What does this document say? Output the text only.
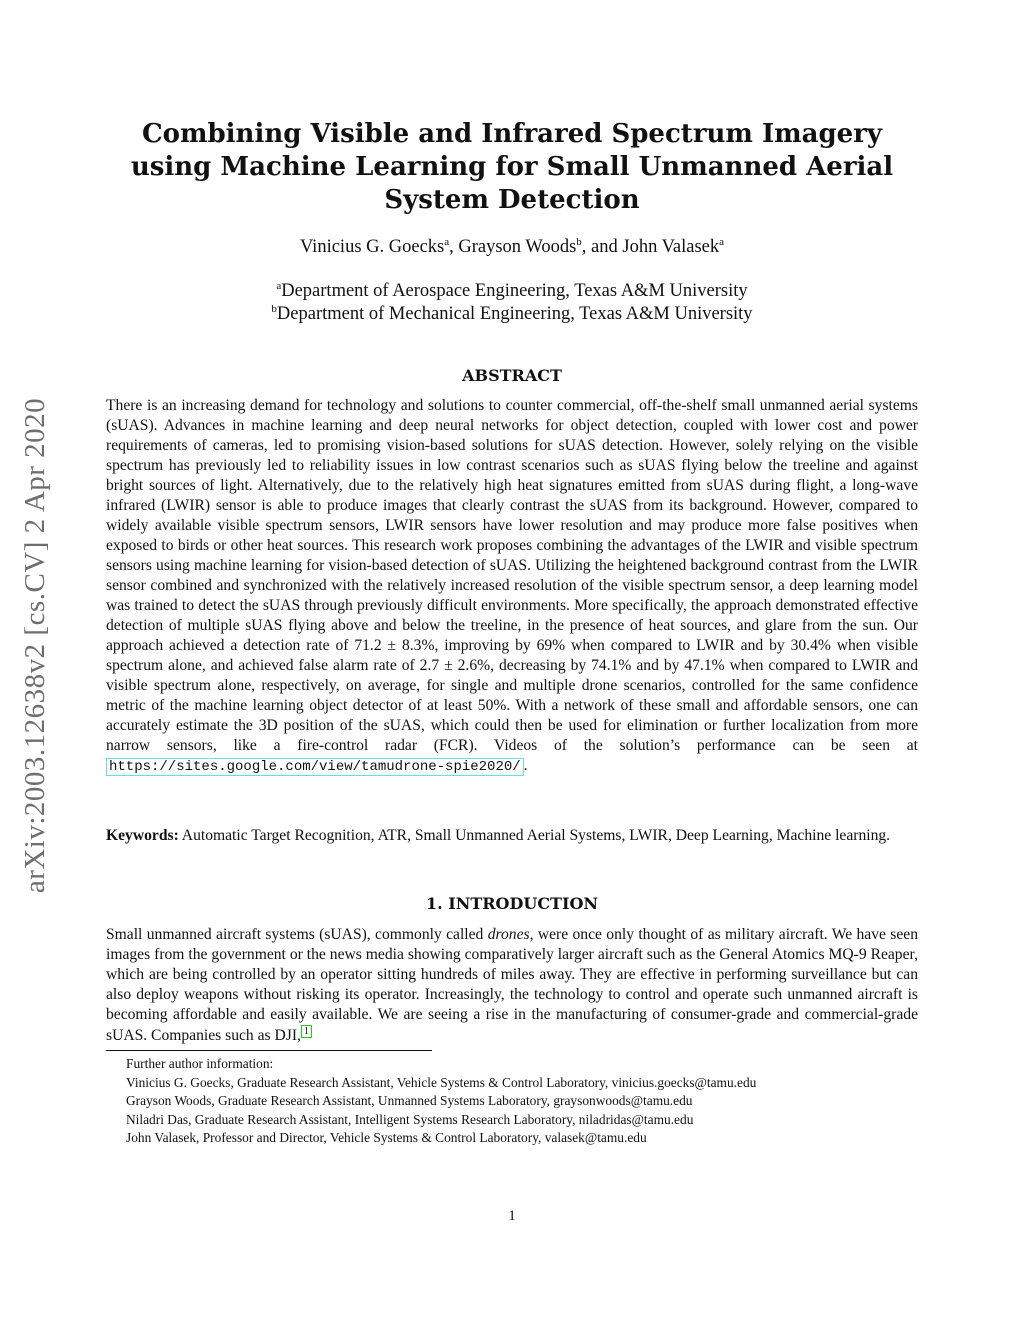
arXiv:2003.12638v2 [cs.CV] 2 Apr 2020
Combining Visible and Infrared Spectrum Imagery using Machine Learning for Small Unmanned Aerial System Detection
Vinicius G. Goecks$^a$, Grayson Woods$^b$, and John Valasek$^a$
$^a$Department of Aerospace Engineering, Texas A&M University
$^b$Department of Mechanical Engineering, Texas A&M University
ABSTRACT

There is an increasing demand for technology and solutions to counter commercial, off-the-shelf small unmanned aerial systems (sUAS). Advances in machine learning and deep neural networks for object detection, coupled with lower cost and power requirements of cameras, led to promising vision-based solutions for sUAS detection. However, solely relying on the visible spectrum has previously led to reliability issues in low contrast scenarios such as sUAS flying below the treeline and against bright sources of light. Alternatively, due to the relatively high heat signatures emitted from sUAS during flight, a long-wave infrared (LWIR) sensor is able to produce images that clearly contrast the sUAS from its background. However, compared to widely available visible spectrum sensors, LWIR sensors have lower resolution and may produce more false positives when exposed to birds or other heat sources. This research work proposes combining the advantages of the LWIR and visible spectrum sensors using machine learning for vision-based detection of sUAS. Utilizing the heightened background contrast from the LWIR sensor combined and synchronized with the relatively increased resolution of the visible spectrum sensor, a deep learning model was trained to detect the sUAS through previously difficult environments. More specifically, the approach demonstrated effective detection of multiple sUAS flying above and below the treeline, in the presence of heat sources, and glare from the sun. Our approach achieved a detection rate of 71.2 ± 8.3%, improving by 69% when compared to LWIR and by 30.4% when visible spectrum alone, and achieved false alarm rate of 2.7 ± 2.6%, decreasing by 74.1% and by 47.1% when compared to LWIR and visible spectrum alone, respectively, on average, for single and multiple drone scenarios, controlled for the same confidence metric of the machine learning object detector of at least 50%. With a network of these small and affordable sensors, one can accurately estimate the 3D position of the sUAS, which could then be used for elimination or further localization from more narrow sensors, like a fire-control radar (FCR). Videos of the solution’s performance can be seen at https://sites.google.com/view/tamudrone-spie2020/ .

Keywords: Automatic Target Recognition, ATR, Small Unmanned Aerial Systems, LWIR, Deep Learning, Machine learning.

1. INTRODUCTION

Small unmanned aircraft systems (sUAS), commonly called drones, were once only thought of as military aircraft. We have seen images from the government or the news media showing comparatively larger aircraft such as the General Atomics MQ-9 Reaper, which are being controlled by an operator sitting hundreds of miles away. They are effective in performing surveillance but can also deploy weapons without risking its operator. Increasingly, the technology to control and operate such unmanned aircraft is becoming affordable and easily available. We are seeing a rise in the manufacturing of consumer-grade and commercial-grade sUAS. Companies such as DJI, 1

Further author information:
Vinicius G. Goecks, Graduate Research Assistant, Vehicle Systems & Control Laboratory, vinicius.goecks@tamu.edu
Grayson Woods, Graduate Research Assistant, Unmanned Systems Laboratory, graysonwoods@tamu.edu
Niladri Das, Graduate Research Assistant, Intelligent Systems Research Laboratory, niladridas@tamu.edu
John Valasek, Professor and Director, Vehicle Systems & Control Laboratory, valasek@tamu.edu
1
